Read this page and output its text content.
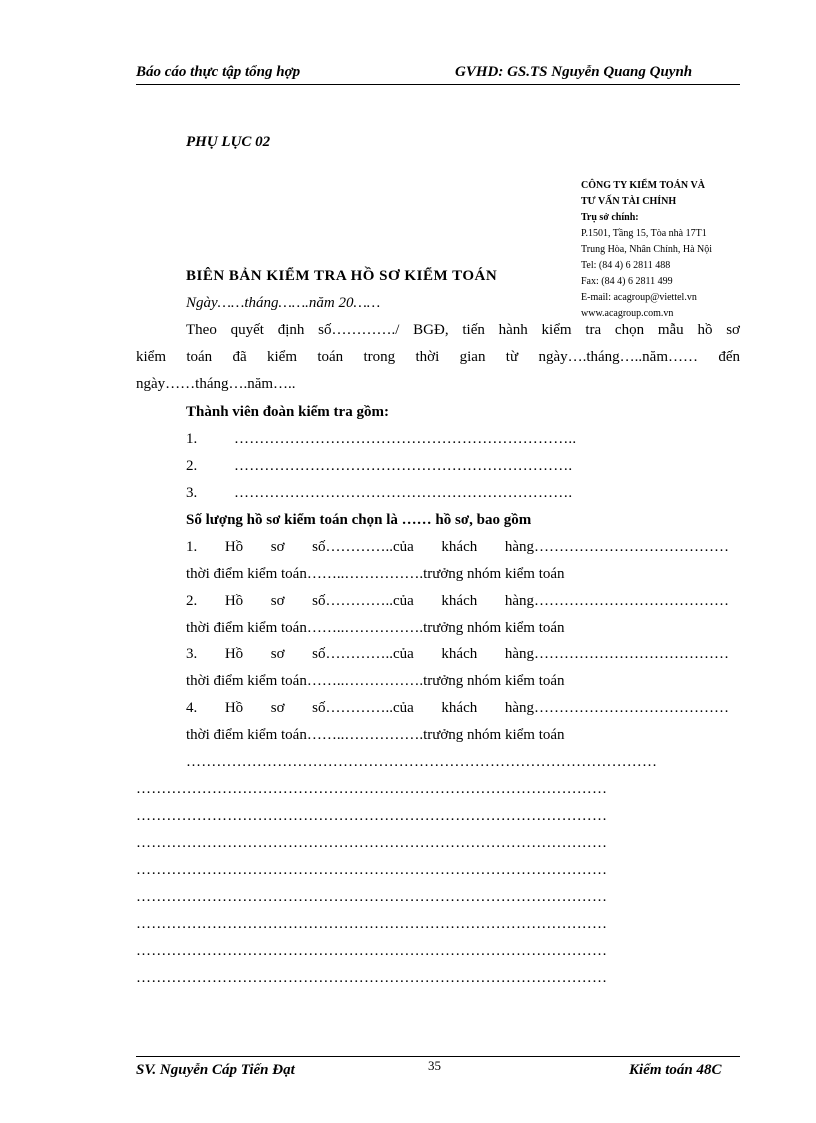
Báo cáo thực tập tổng hợp	GVHD: GS.TS Nguyễn Quang Quynh
PHỤ LỤC 02
CÔNG TY KIỂM TOÁN VÀ
TƯ VẤN TÀI CHÍNH
Trụ sở chính:
P.1501, Tầng 15, Tòa nhà 17T1
Trung Hòa, Nhân Chính, Hà Nội
Tel: (84 4) 6 2811 488
Fax: (84 4) 6 2811 499
E-mail: acagroup@viettel.vn
www.acagroup.com.vn
BIÊN BẢN KIỂM TRA HỒ SƠ KIỂM TOÁN
Ngày……tháng…….năm 20……
Theo quyết định số…………./ BGĐ, tiến hành kiểm tra chọn mẫu hồ sơ
kiểm toán đã kiểm toán trong thời gian từ ngày….tháng…..năm…… đến
ngày……tháng….năm…..
Thành viên đoàn kiểm tra gồm:
1. …………………………………………………………..
2. ………………………………………………………….
3. ………………………………………………………….
Số lượng hồ sơ kiểm toán chọn là …… hồ sơ, bao gồm
1. Hồ sơ số…………..của khách hàng…………………………………
thời điểm kiểm toán……..…………….trưởng nhóm kiểm toán
2. Hồ sơ số…………..của khách hàng…………………………………
thời điểm kiểm toán……..…………….trưởng nhóm kiểm toán
3. Hồ sơ số…………..của khách hàng…………………………………
thời điểm kiểm toán……..…………….trưởng nhóm kiểm toán
4. Hồ sơ số…………..của khách hàng…………………………………
thời điểm kiểm toán……..…………….trưởng nhóm kiểm toán
…………………………………………………………………………………
…………………………………………………………………………………
…………………………………………………………………………………
…………………………………………………………………………………
…………………………………………………………………………………
…………………………………………………………………………………
…………………………………………………………………………………
…………………………………………………………………………………
…………………………………………………………………………………
SV. Nguyễn Cáp Tiến Đạt	35	Kiểm toán 48C
